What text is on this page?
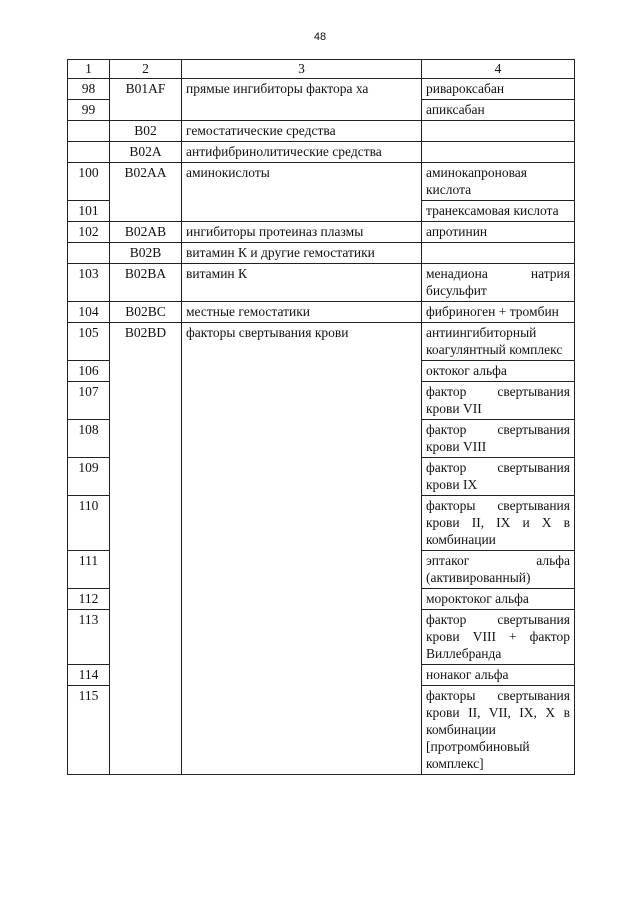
48
1	2	3	4
98	B01AF	прямые ингибиторы фактора ха	ривароксабан
99			апиксабан
	B02	гемостатические средства	
	B02A	антифибринолитические средства	
100	B02AA	аминокислоты	аминокапроновая кислота
101			транексамовая кислота
102	B02AB	ингибиторы протеиназ плазмы	апротинин
	B02B	витамин К и другие гемостатики	
103	B02BA	витамин К	менадиона натрия бисульфит
104	B02BC	местные гемостатики	фибриноген + тромбин
105	B02BD	факторы свертывания крови	антиингибиторный коагулянтный комплекс
106			октоког альфа
107			фактор свертывания крови VII
108			фактор свертывания крови VIII
109			фактор свертывания крови IX
110			факторы свертывания крови II, IX и X в комбинации
111			эптаког альфа (активированный)
112			мороктоког альфа
113			фактор свертывания крови VIII + фактор Виллебранда
114			нонаког альфа
115			факторы свертывания крови II, VII, IX, X в комбинации [протромбиновый комплекс]
